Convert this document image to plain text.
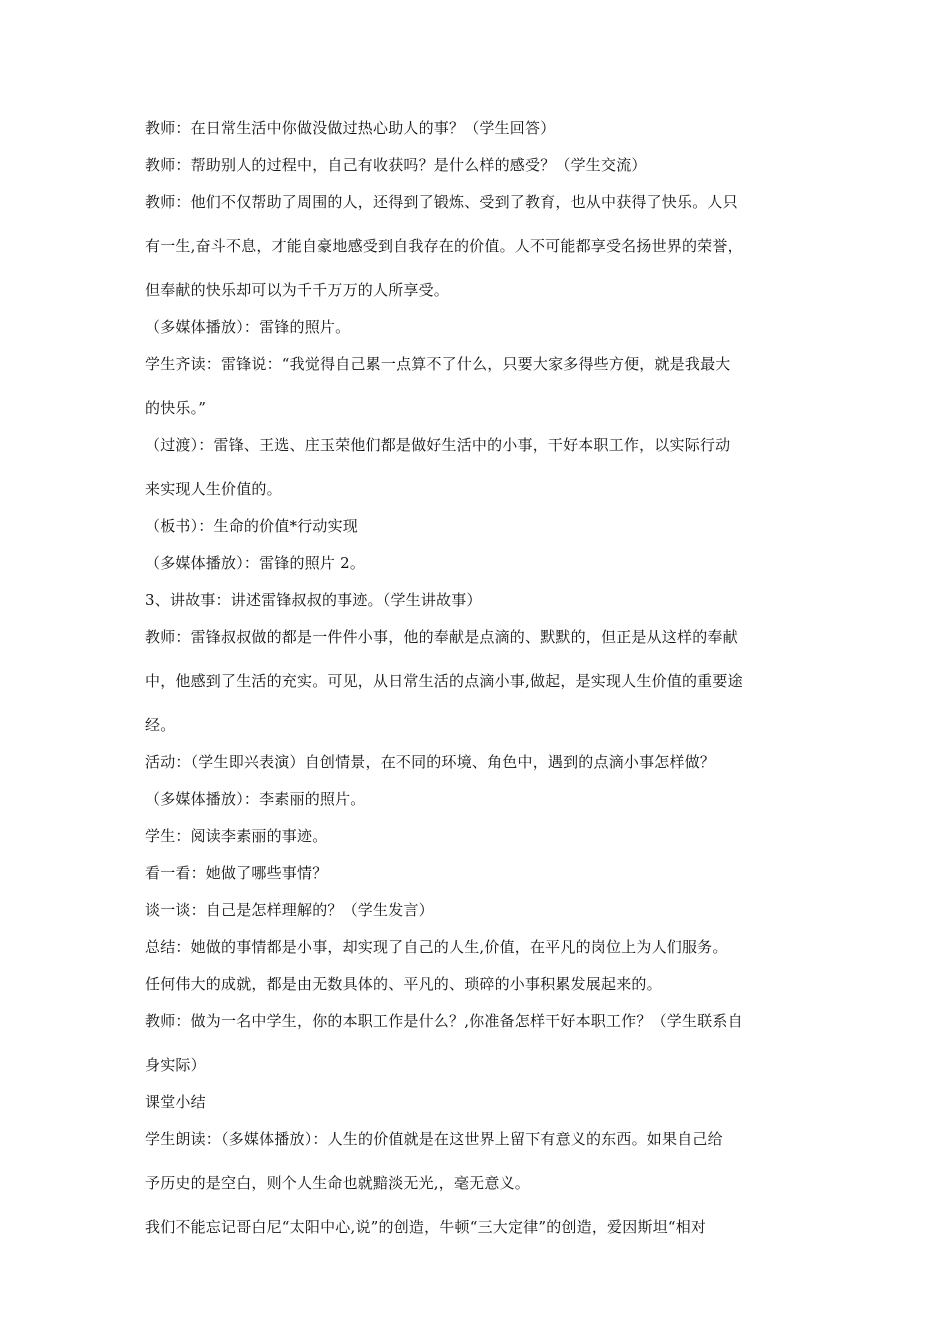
教师：在日常生活中你做没做过热心助人的事？（学生回答）

教师：帮助别人的过程中，自己有收获吗？是什么样的感受？（学生交流）

教师：他们不仅帮助了周围的人，还得到了锻炼、受到了教育，也从中获得了快乐。人只

有一生,奋斗不息，才能自豪地感受到自我存在的价值。人不可能都享受名扬世界的荣誉，

但奉献的快乐却可以为千千万万的人所享受。

（多媒体播放）：雷锋的照片。

学生齐读：雷锋说：“我觉得自己累一点算不了什么，只要大家多得些方便，就是我最大

的快乐。”

（过渡）：雷锋、王选、庄玉荣他们都是做好生活中的小事，干好本职工作，以实际行动

来实现人生价值的。

（板书）：生命的价值*行动实现

（多媒体播放）：雷锋的照片 2。

3、讲故事：讲述雷锋叔叔的事迹。（学生讲故事）

教师：雷锋叔叔做的都是一件件小事，他的奉献是点滴的、默默的，但正是从这样的奉献

中，他感到了生活的充实。可见，从日常生活的点滴小事,做起，是实现人生价值的重要途

经。

活动：（学生即兴表演）自创情景，在不同的环境、角色中，遇到的点滴小事怎样做？

（多媒体播放）：李素丽的照片。

学生：阅读李素丽的事迹。

看一看：她做了哪些事情？

谈一谈：自己是怎样理解的？（学生发言）

总结：她做的事情都是小事，却实现了自己的人生,价值，在平凡的岗位上为人们服务。

任何伟大的成就，都是由无数具体的、平凡的、琐碎的小事积累发展起来的。

教师：做为一名中学生，你的本职工作是什么？,你准备怎样干好本职工作？（学生联系自

身实际）

课堂小结

学生朗读：（多媒体播放）：人生的价值就是在这世界上留下有意义的东西。如果自己给

予历史的是空白，则个人生命也就黯淡无光,，毫无意义。

我们不能忘记哥白尼“太阳中心,说”的创造，牛顿“三大定律”的创造，爱因斯坦“相对
